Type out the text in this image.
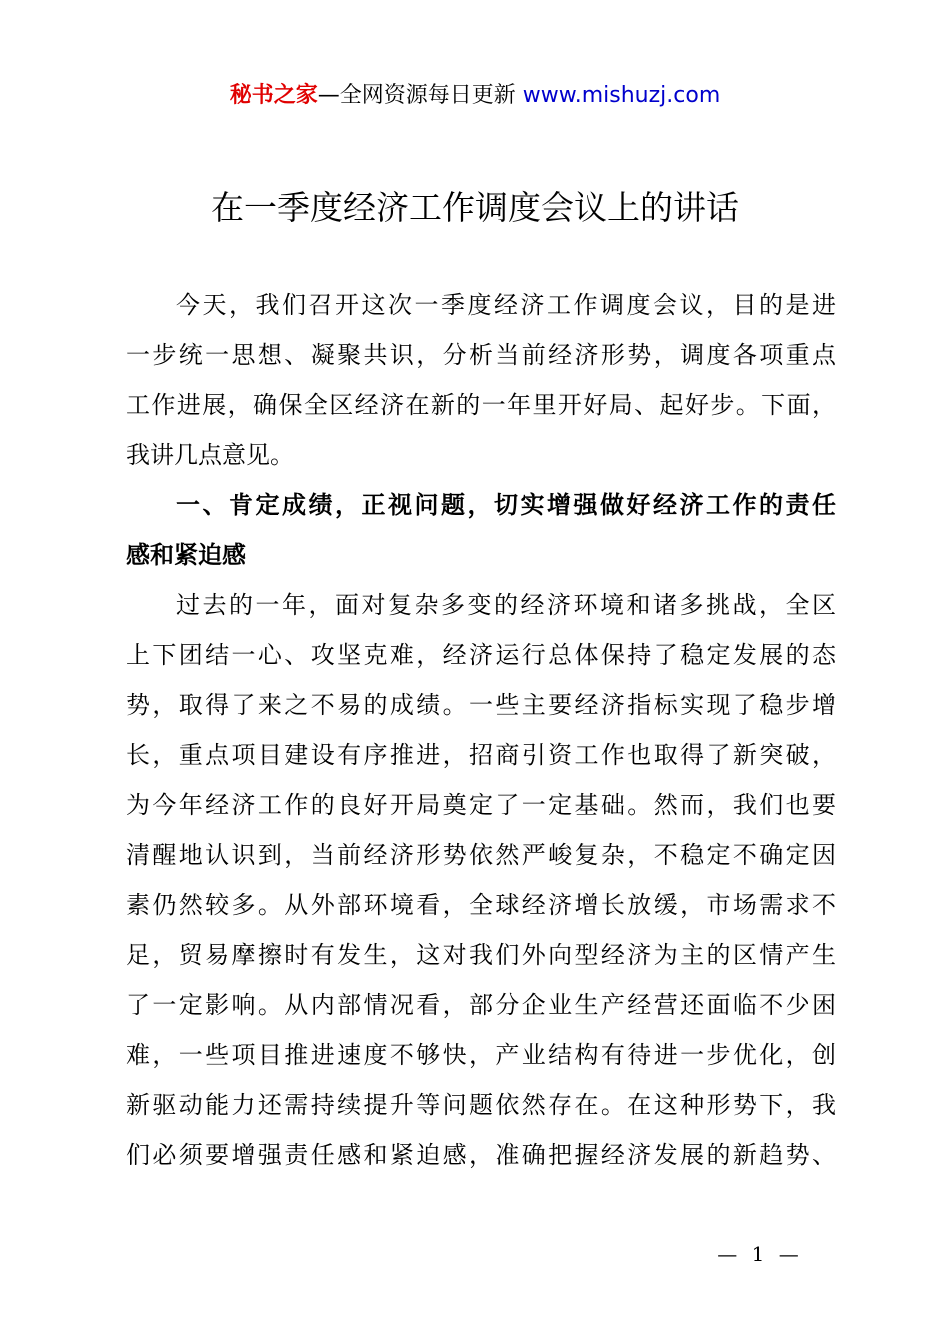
秘书之家—全网资源每日更新 www.mishuzj.com
在一季度经济工作调度会议上的讲话
今天，我们召开这次一季度经济工作调度会议，目的是进
一步统一思想、凝聚共识，分析当前经济形势，调度各项重点
工作进展，确保全区经济在新的一年里开好局、起好步。下面，
我讲几点意见。
一、肯定成绩，正视问题，切实增强做好经济工作的责任
感和紧迫感
过去的一年，面对复杂多变的经济环境和诸多挑战，全区
上下团结一心、攻坚克难，经济运行总体保持了稳定发展的态
势，取得了来之不易的成绩。一些主要经济指标实现了稳步增
长，重点项目建设有序推进，招商引资工作也取得了新突破，
为今年经济工作的良好开局奠定了一定基础。然而，我们也要
清醒地认识到，当前经济形势依然严峻复杂，不稳定不确定因
素仍然较多。从外部环境看，全球经济增长放缓，市场需求不
足，贸易摩擦时有发生，这对我们外向型经济为主的区情产生
了一定影响。从内部情况看，部分企业生产经营还面临不少困
难，一些项目推进速度不够快，产业结构有待进一步优化，创
新驱动能力还需持续提升等问题依然存在。在这种形势下，我
们必须要增强责任感和紧迫感，准确把握经济发展的新趋势、
— 1 —
